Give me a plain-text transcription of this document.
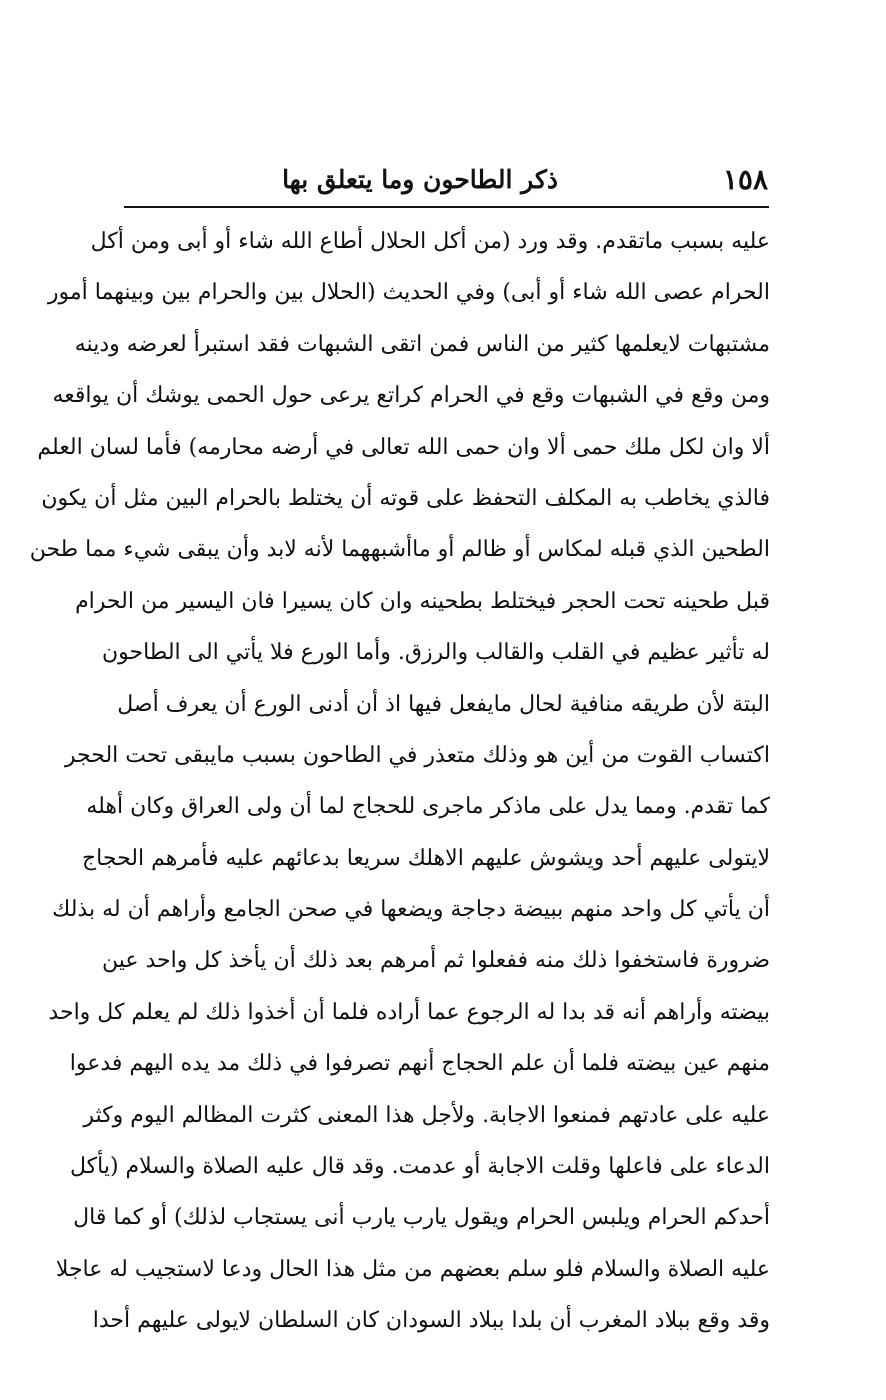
١٥٨
ذكر الطاحون وما يتعلق بها
عليه بسبب ماتقدم. وقد ورد (من أكل الحلال أطاع الله شاء أو أبى ومن أكل
الحرام عصى الله شاء أو أبى) وفي الحديث (الحلال بين والحرام بين وبينهما أمور
مشتبهات لايعلمها كثير من الناس فمن اتقى الشبهات فقد استبرأ لعرضه ودينه
ومن وقع في الشبهات وقع في الحرام كراتع يرعى حول الحمى يوشك أن يواقعه
ألا وان لكل ملك حمى ألا وان حمى الله تعالى في أرضه محارمه) فأما لسان العلم
فالذي يخاطب به المكلف التحفظ على قوته أن يختلط بالحرام البين مثل أن يكون
الطحين الذي قبله لمكاس أو ظالم أو ماأشبههما لأنه لابد وأن يبقى شيء مما طحن
قبل طحينه تحت الحجر فيختلط بطحينه وان كان يسيرا فان اليسير من الحرام
له تأثير عظيم في القلب والقالب والرزق. وأما الورع فلا يأتي الى الطاحون
البتة لأن طريقه منافية لحال مايفعل فيها اذ أن أدنى الورع أن يعرف أصل
اكتساب القوت من أين هو وذلك متعذر في الطاحون بسبب مايبقى تحت الحجر
كما تقدم. ومما يدل على ماذكر ماجرى للحجاج لما أن ولى العراق وكان أهله
لايتولى عليهم أحد ويشوش عليهم الاهلك سريعا بدعائهم عليه فأمرهم الحجاج
أن يأتي كل واحد منهم ببيضة دجاجة ويضعها في صحن الجامع وأراهم أن له بذلك
ضرورة فاستخفوا ذلك منه ففعلوا ثم أمرهم بعد ذلك أن يأخذ كل واحد عين
بيضته وأراهم أنه قد بدا له الرجوع عما أراده فلما أن أخذوا ذلك لم يعلم كل واحد
منهم عين بيضته فلما أن علم الحجاج أنهم تصرفوا في ذلك مد يده اليهم فدعوا
عليه على عادتهم فمنعوا الاجابة. ولأجل هذا المعنى كثرت المظالم اليوم وكثر
الدعاء على فاعلها وقلت الاجابة أو عدمت. وقد قال عليه الصلاة والسلام (يأكل
أحدكم الحرام ويلبس الحرام ويقول يارب يارب أنى يستجاب لذلك) أو كما قال
عليه الصلاة والسلام فلو سلم بعضهم من مثل هذا الحال ودعا لاستجيب له عاجلا
وقد وقع ببلاد المغرب أن بلدا ببلاد السودان كان السلطان لايولى عليهم أحدا
